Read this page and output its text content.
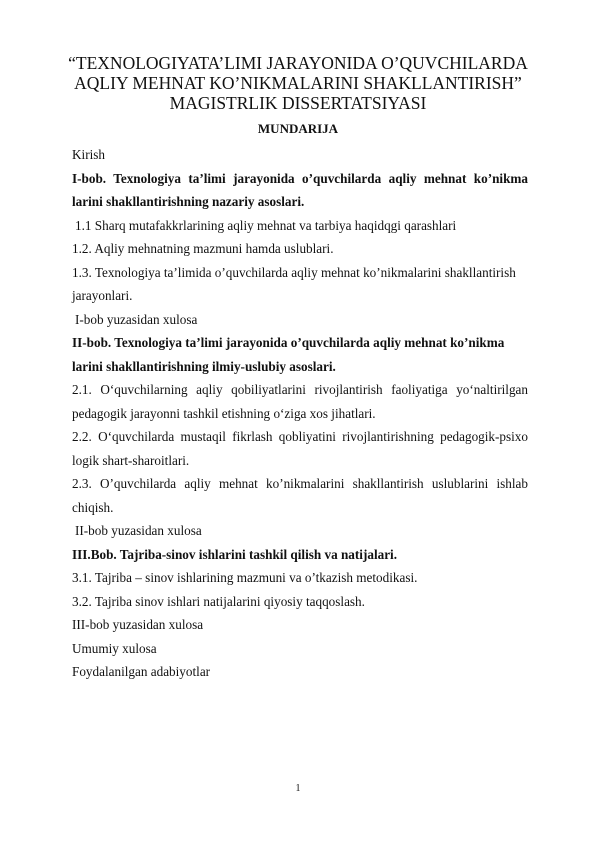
“TEXNOLOGIYATA’LIMI JARAYONIDA O’QUVCHILARDA
AQLIY MEHNAT KO’NIKMALARINI SHAKLLANTIRISH”
MAGISTRLIK DISSERTATSIYASI
MUNDARIJA

Kirish

I-bob. Texnologiya ta’limi jarayonida o’quvchilarda aqliy mehnat ko’nikma

larini shakllantirishning nazariy asoslari.

1.1 Sharq mutafakkrlarining aqliy mehnat va tarbiya haqidqgi qarashlari

1.2. Aqliy mehnatning mazmuni hamda uslublari.

1.3. Texnologiya ta’limida o’quvchilarda aqliy mehnat ko’nikmalarini shakllantirish

jarayonlari.

I-bob yuzasidan xulosa

II-bob. Texnologiya ta’limi jarayonida o’quvchilarda aqliy mehnat ko’nikma

larini shakllantirishning ilmiy-uslubiy asoslari.

2.1. O‘quvchilarning aqliy qobiliyatlarini rivojlantirish faoliyatiga yo‘naltirilgan

pedagogik jarayonni tashkil etishning o‘ziga xos jihatlari.

2.2. O‘quvchilarda mustaqil fikrlash qobliyatini rivojlantirishning pedagogik-psixo

logik shart-sharoitlari.

2.3. O’quvchilarda aqliy mehnat ko’nikmalarini shakllantirish uslublarini ishlab

chiqish.

II-bob yuzasidan xulosa

III.Bob. Tajriba-sinov ishlarini tashkil qilish va natijalari.

3.1. Tajriba – sinov ishlarining mazmuni va o’tkazish metodikasi.

3.2. Tajriba sinov ishlari natijalarini qiyosiy taqqoslash.

III-bob yuzasidan xulosa

Umumiy xulosa

Foydalanilgan adabiyotlar

1
